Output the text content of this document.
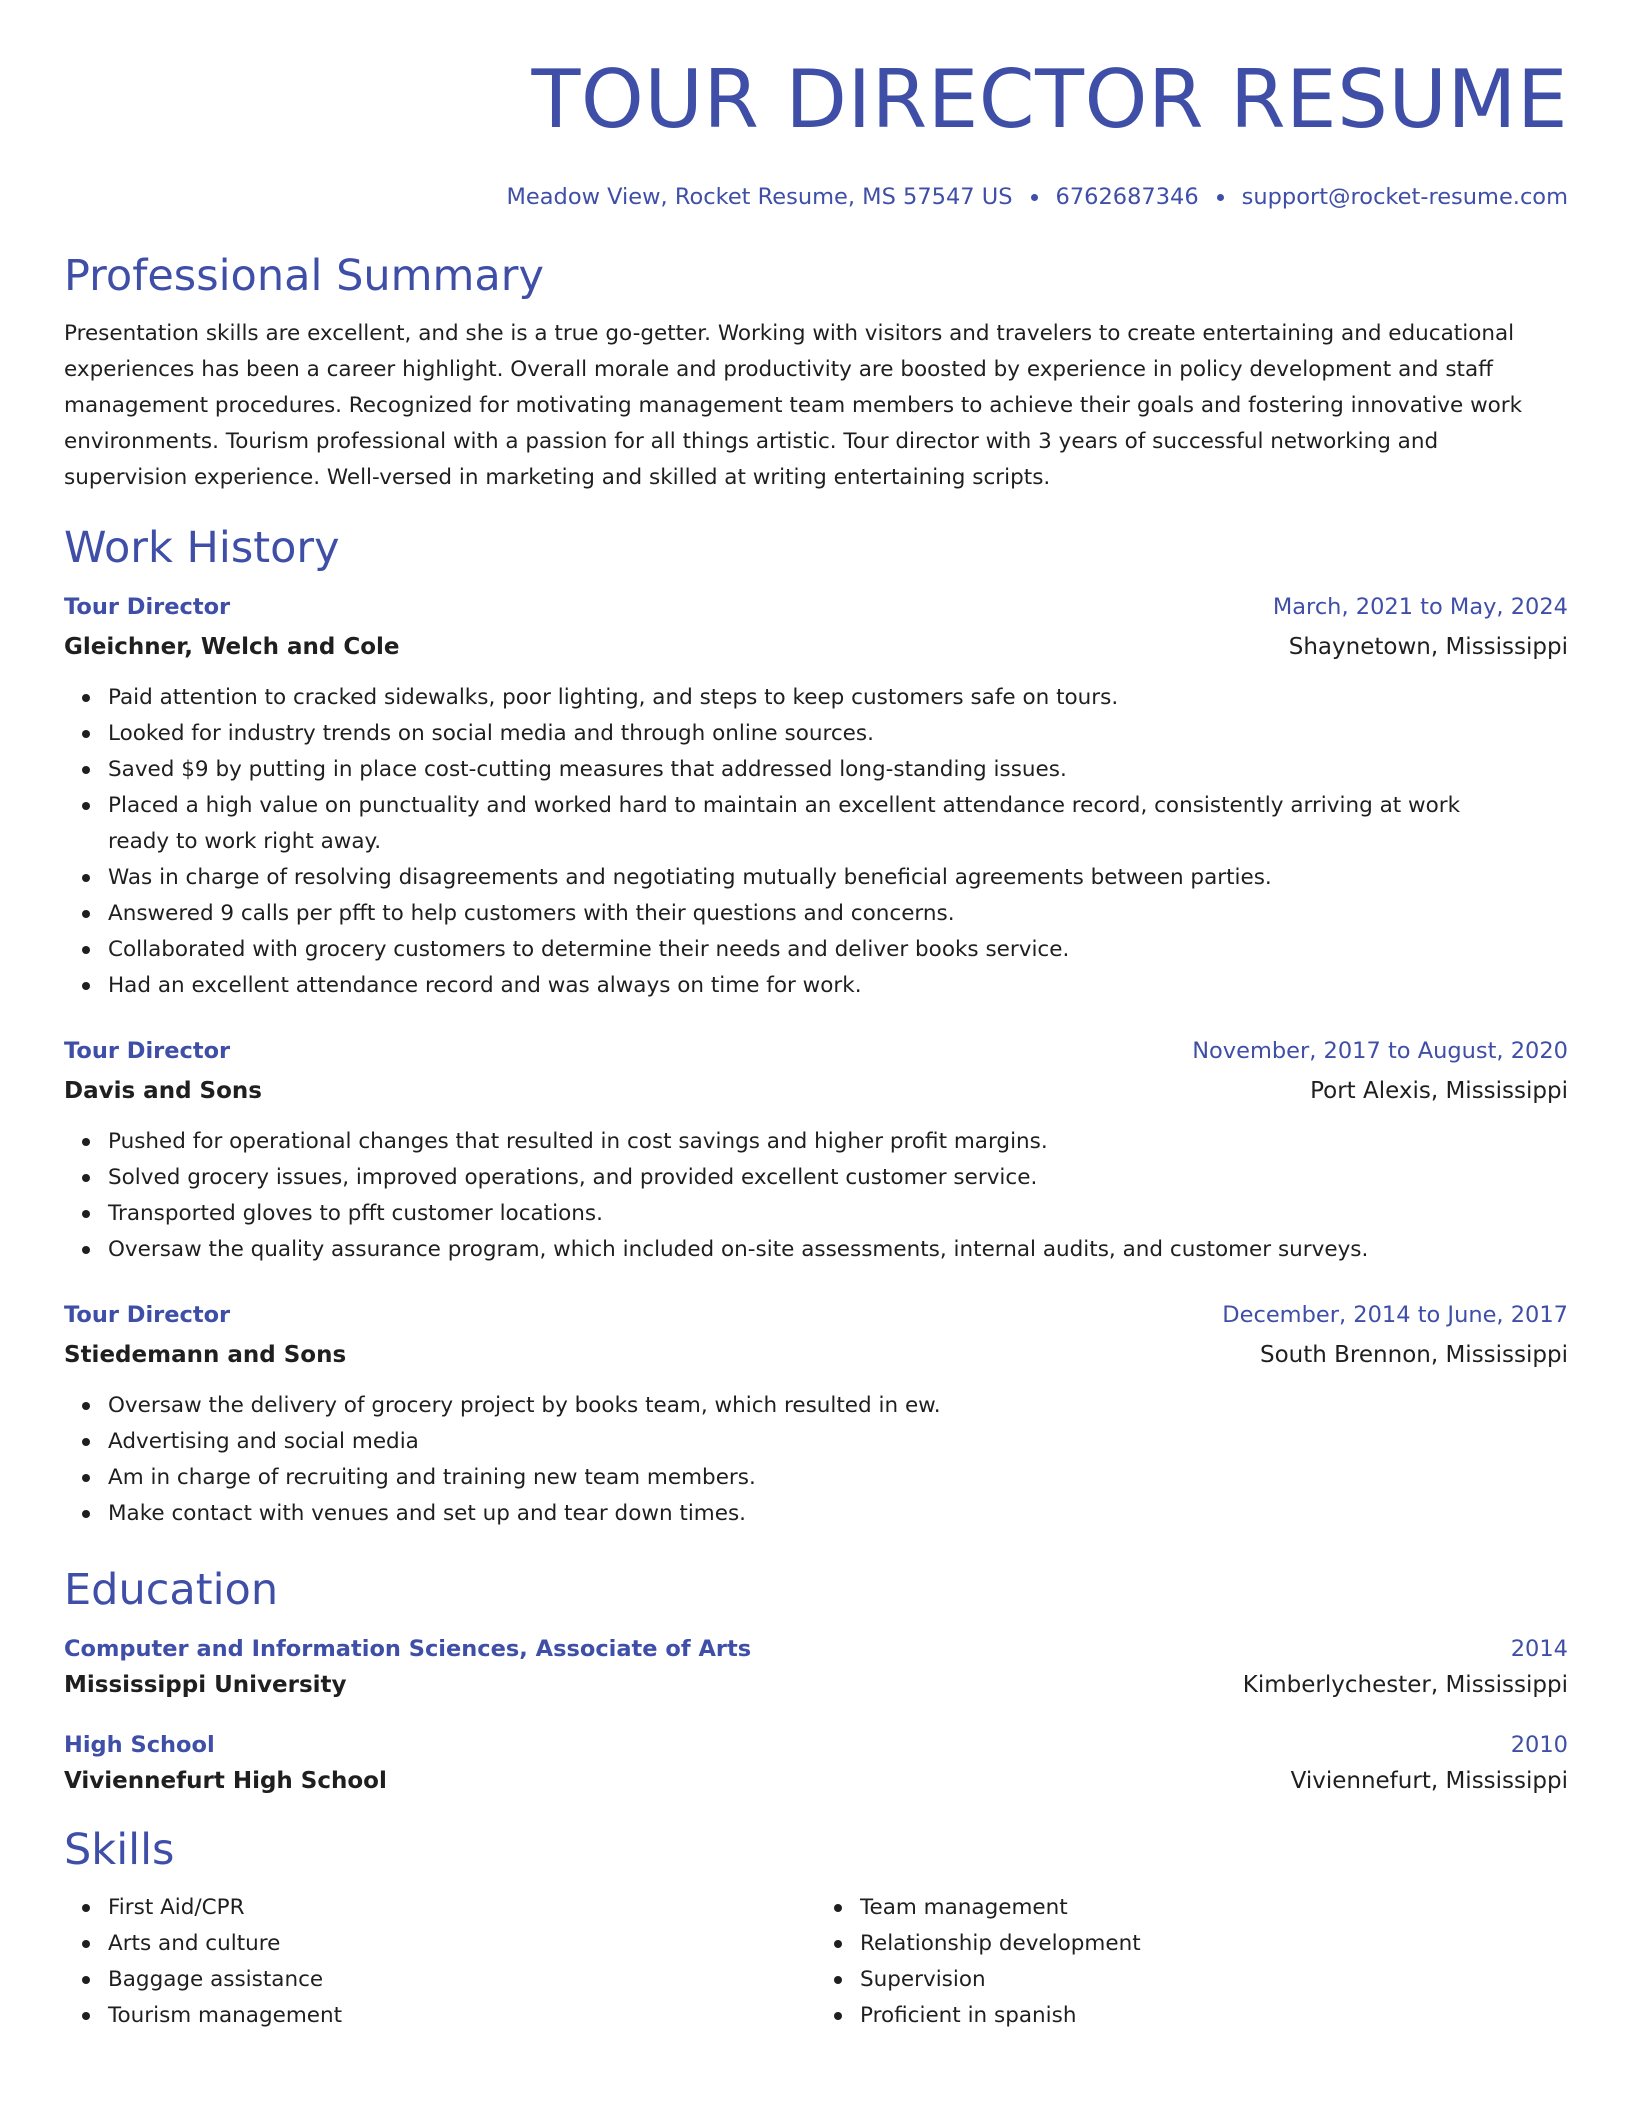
TOUR DIRECTOR RESUME
Meadow View, Rocket Resume, MS 57547 US 6762687346 support@rocket-resume.com
Professional Summary

Presentation skills are excellent, and she is a true go-getter. Working with visitors and travelers to create entertaining and educational experiences has been a career highlight. Overall morale and productivity are boosted by experience in policy development and staff management procedures. Recognized for motivating management team members to achieve their goals and fostering innovative work environments. Tourism professional with a passion for all things artistic. Tour director with 3 years of successful networking and supervision experience. Well-versed in marketing and skilled at writing entertaining scripts.

Work History
Tour Director	March, 2021 to May, 2024
Gleichner, Welch and Cole	Shaynetown, Mississippi
Paid attention to cracked sidewalks, poor lighting, and steps to keep customers safe on tours.
Looked for industry trends on social media and through online sources.
Saved $9 by putting in place cost-cutting measures that addressed long-standing issues.
Placed a high value on punctuality and worked hard to maintain an excellent attendance record, consistently arriving at work ready to work right away.
Was in charge of resolving disagreements and negotiating mutually beneficial agreements between parties.
Answered 9 calls per pfft to help customers with their questions and concerns.
Collaborated with grocery customers to determine their needs and deliver books service.
Had an excellent attendance record and was always on time for work.
Tour Director	November, 2017 to August, 2020
Davis and Sons	Port Alexis, Mississippi
Pushed for operational changes that resulted in cost savings and higher profit margins.
Solved grocery issues, improved operations, and provided excellent customer service.
Transported gloves to pfft customer locations.
Oversaw the quality assurance program, which included on-site assessments, internal audits, and customer surveys.
Tour Director	December, 2014 to June, 2017
Stiedemann and Sons	South Brennon, Mississippi
Oversaw the delivery of grocery project by books team, which resulted in ew.
Advertising and social media
Am in charge of recruiting and training new team members.
Make contact with venues and set up and tear down times.
Education
Computer and Information Sciences, Associate of Arts	2014
Mississippi University	Kimberlychester, Mississippi
High School	2010
Viviennefurt High School	Viviennefurt, Mississippi
Skills
First Aid/CPR
Arts and culture
Baggage assistance
Tourism management
Team management
Relationship development
Supervision
Proficient in spanish
